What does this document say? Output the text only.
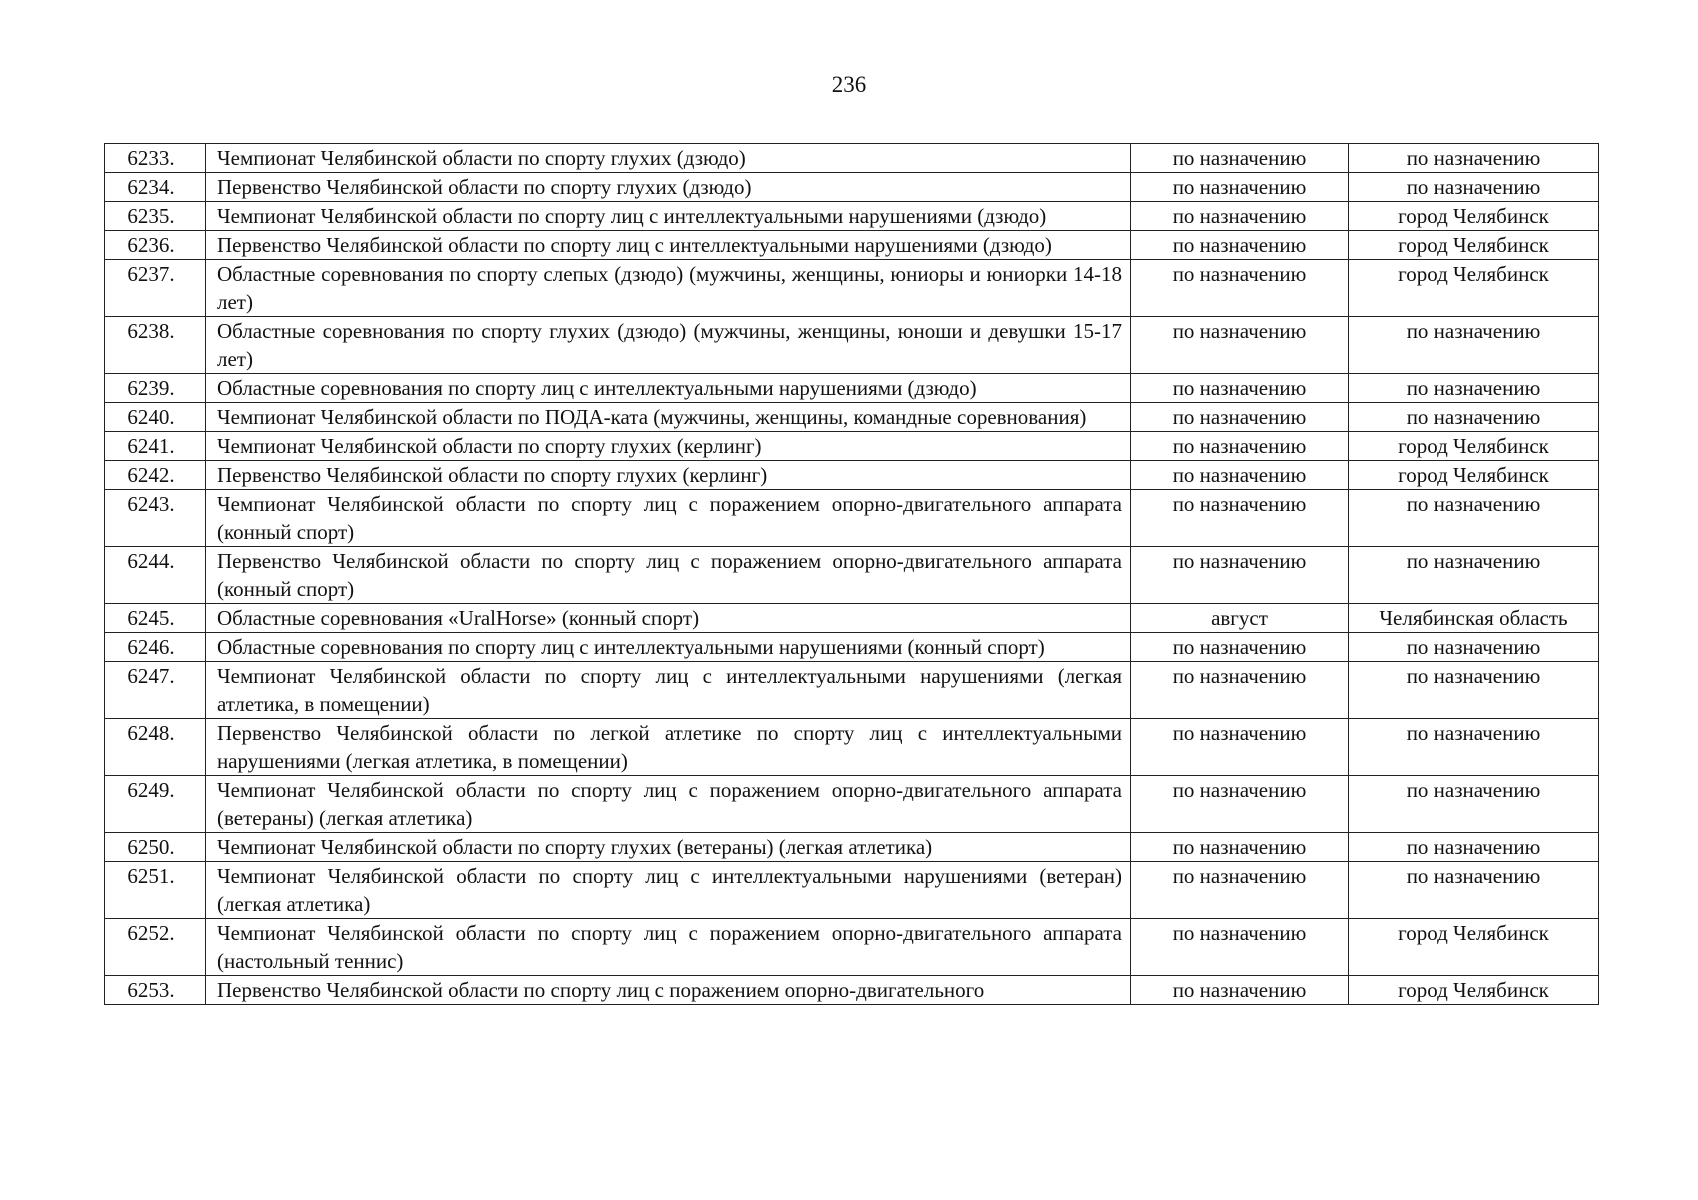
236
6233.	Чемпионат Челябинской области по спорту глухих (дзюдо)	по назначению	по назначению
6234.	Первенство Челябинской области по спорту глухих (дзюдо)	по назначению	по назначению
6235.	Чемпионат Челябинской области по спорту лиц с интеллектуальными нарушениями (дзюдо)	по назначению	город Челябинск
6236.	Первенство Челябинской области по спорту лиц с интеллектуальными нарушениями (дзюдо)	по назначению	город Челябинск
6237.	Областные соревнования по спорту слепых (дзюдо) (мужчины, женщины, юниоры и юниорки 14-18 лет)	по назначению	город Челябинск
6238.	Областные соревнования по спорту глухих (дзюдо) (мужчины, женщины, юноши и девушки 15-17 лет)	по назначению	по назначению
6239.	Областные соревнования по спорту лиц с интеллектуальными нарушениями (дзюдо)	по назначению	по назначению
6240.	Чемпионат Челябинской области по ПОДА-ката (мужчины, женщины, командные соревнования)	по назначению	по назначению
6241.	Чемпионат Челябинской области по спорту глухих (керлинг)	по назначению	город Челябинск
6242.	Первенство Челябинской области по спорту глухих (керлинг)	по назначению	город Челябинск
6243.	Чемпионат Челябинской области по спорту лиц с поражением опорно-двигательного аппарата (конный спорт)	по назначению	по назначению
6244.	Первенство Челябинской области по спорту лиц с поражением опорно-двигательного аппарата (конный спорт)	по назначению	по назначению
6245.	Областные соревнования «UralHorse» (конный спорт)	август	Челябинская область
6246.	Областные соревнования по спорту лиц с интеллектуальными нарушениями (конный спорт)	по назначению	по назначению
6247.	Чемпионат Челябинской области по спорту лиц с интеллектуальными нарушениями (легкая атлетика, в помещении)	по назначению	по назначению
6248.	Первенство Челябинской области по легкой атлетике по спорту лиц с интеллектуальными нарушениями (легкая атлетика, в помещении)	по назначению	по назначению
6249.	Чемпионат Челябинской области по спорту лиц с поражением опорно-двигательного аппарата (ветераны) (легкая атлетика)	по назначению	по назначению
6250.	Чемпионат Челябинской области по спорту глухих (ветераны) (легкая атлетика)	по назначению	по назначению
6251.	Чемпионат Челябинской области по спорту лиц с интеллектуальными нарушениями (ветеран) (легкая атлетика)	по назначению	по назначению
6252.	Чемпионат Челябинской области по спорту лиц с поражением опорно-двигательного аппарата (настольный теннис)	по назначению	город Челябинск
6253.	Первенство Челябинской области по спорту лиц с поражением опорно-двигательного	по назначению	город Челябинск
